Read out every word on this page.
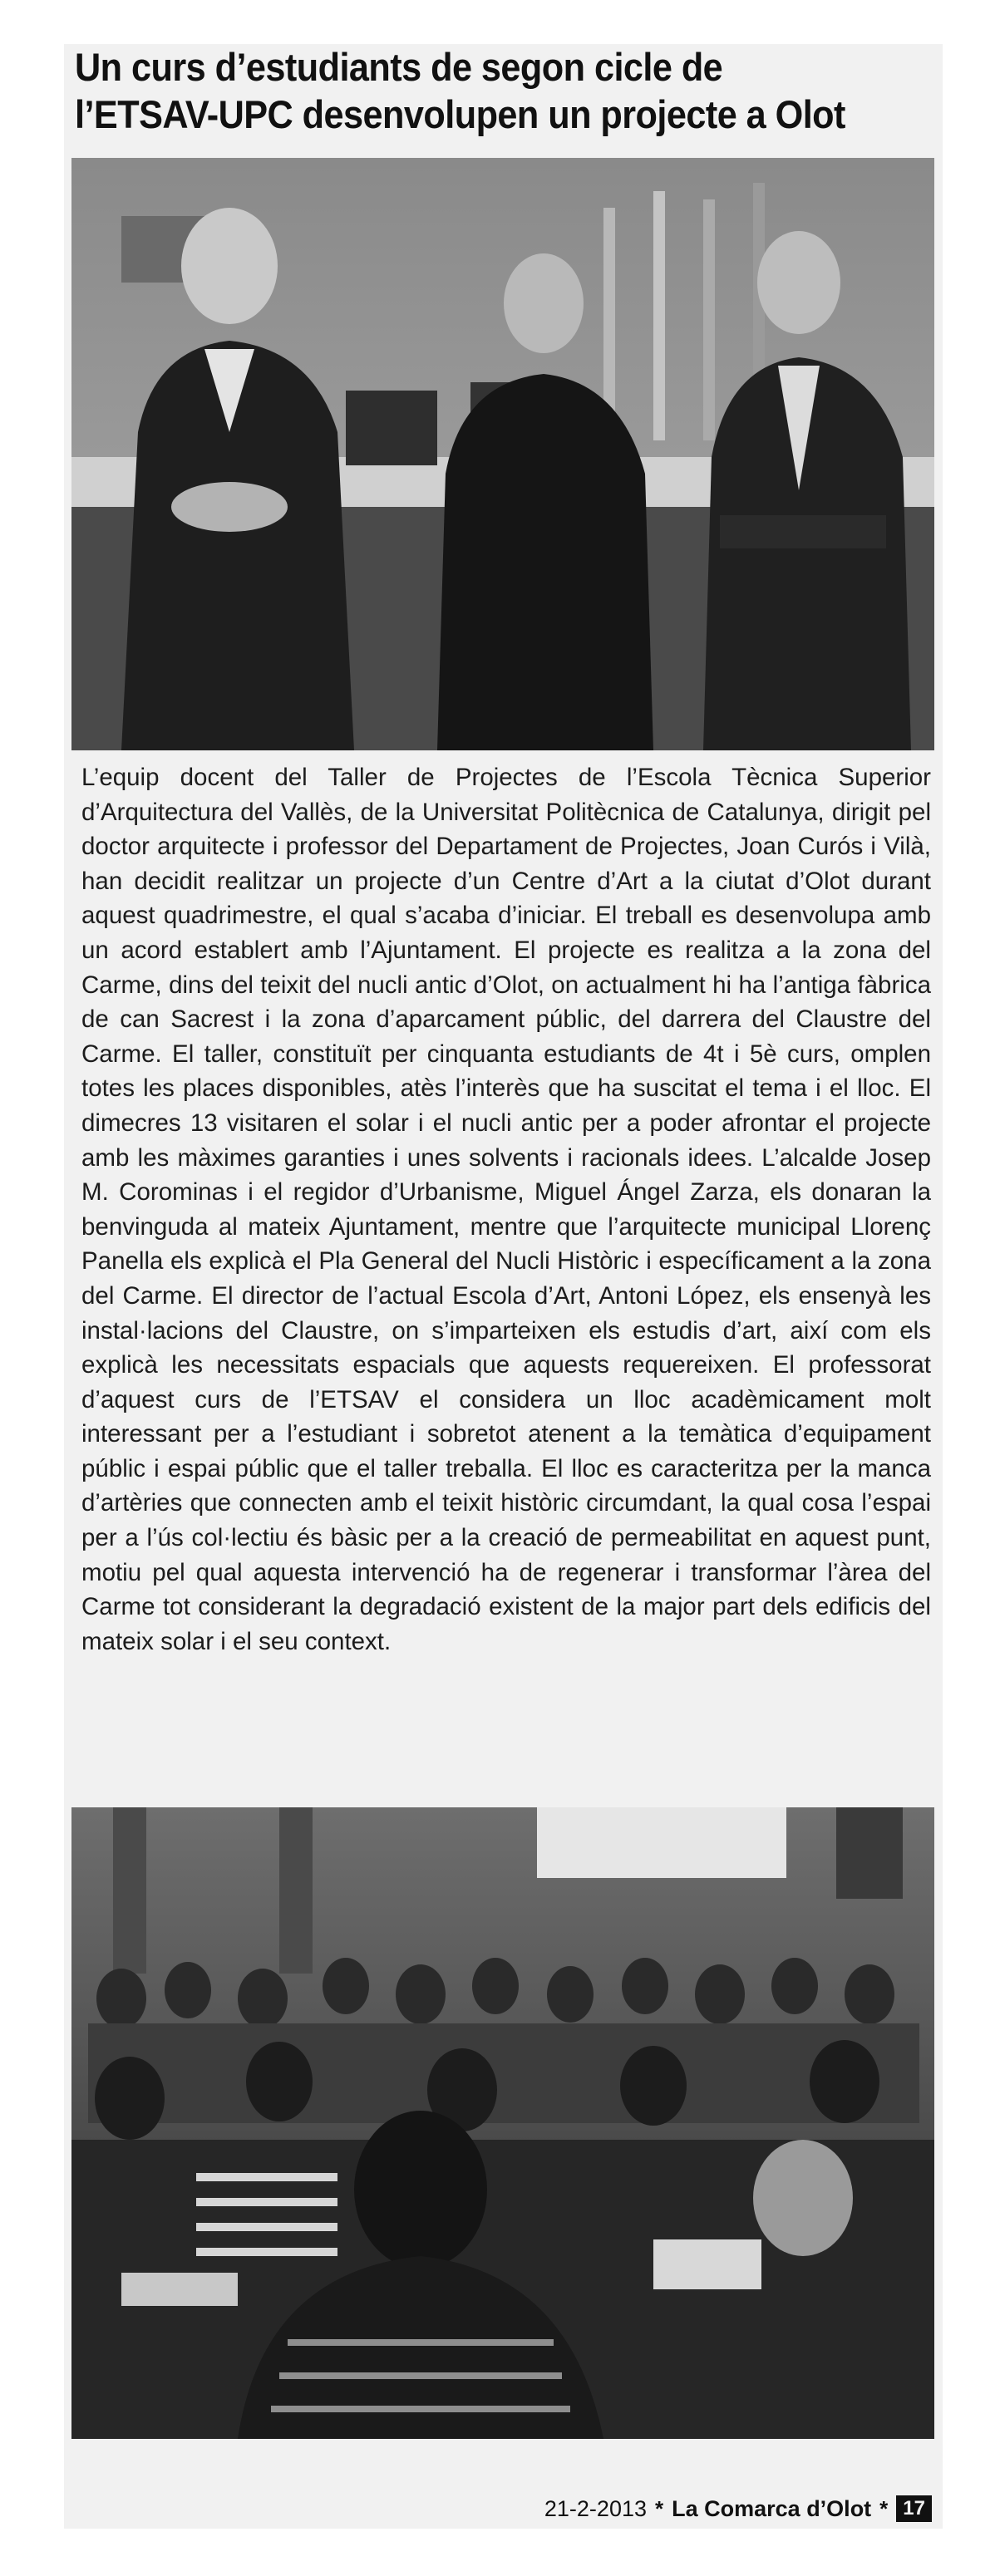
Un curs d’estudiants de segon cicle de l’ETSAV-UPC desenvolupen un projecte a Olot

L’equip docent del Taller de Projectes de l’Escola Tècnica Superior d’Arquitectura del Vallès, de la Universitat Politècnica de Catalunya, dirigit pel doctor arquitecte i professor del Departament de Projectes, Joan Curós i Vilà, han decidit realitzar un projecte d’un Centre d’Art a la ciutat d’Olot durant aquest quadrimestre, el qual s’acaba d’iniciar. El treball es desenvolupa amb un acord establert amb l’Ajuntament. El projecte es realitza a la zona del Carme, dins del teixit del nucli antic d’Olot, on actualment hi ha l’antiga fàbrica de can Sacrest i la zona d’aparcament públic, del darrera del Claustre del Carme. El taller, constituït per cinquanta estudiants de 4t i 5è curs, omplen totes les places disponibles, atès l’interès que ha suscitat el tema i el lloc. El dimecres 13 visitaren el solar i el nucli antic per a poder afrontar el projecte amb les màximes garanties i unes solvents i racionals idees. L’alcalde Josep M. Corominas i el regidor d’Urbanisme, Miguel Ángel Zarza, els donaran la benvinguda al mateix Ajuntament, mentre que l’arquitecte municipal Llorenç Panella els explicà el Pla General del Nucli Històric i específicament a la zona del Carme. El director de l’actual Escola d’Art, Antoni López, els ensenyà les instal·lacions del Claustre, on s’imparteixen els estudis d’art, així com els explicà les necessitats espacials que aquests requereixen. El professorat d’aquest curs de l’ETSAV el considera un lloc acadèmicament molt interessant per a l’estudiant i sobretot atenent a la temàtica d’equipament públic i espai públic que el taller treballa. El lloc es caracteritza per la manca d’artèries que connecten amb el teixit històric circumdant, la qual cosa l’espai per a l’ús col·lectiu és bàsic per a la creació de permeabilitat en aquest punt, motiu pel qual aquesta intervenció ha de regenerar i transformar l’àrea del Carme tot considerant la degradació existent de la major part dels edificis del mateix solar i el seu context.

21-2-2013 * La Comarca d’Olot * 17
